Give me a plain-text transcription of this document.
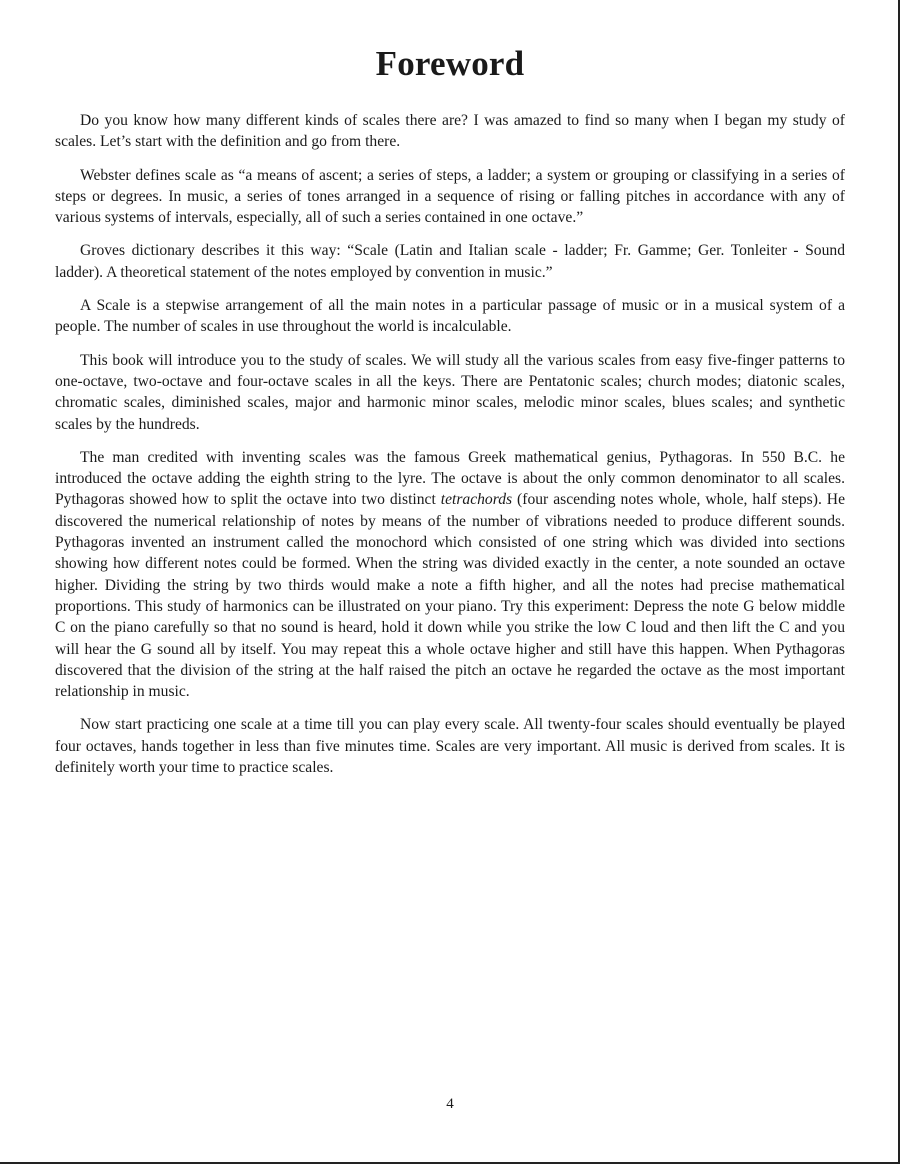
Foreword

Do you know how many different kinds of scales there are? I was amazed to find so many when I began my study of scales. Let’s start with the definition and go from there.

Webster defines scale as “a means of ascent; a series of steps, a ladder; a system or grouping or classifying in a series of steps or degrees. In music, a series of tones arranged in a sequence of rising or falling pitches in accordance with any of various systems of intervals, especially, all of such a series contained in one octave.”

Groves dictionary describes it this way: “Scale (Latin and Italian scale - ladder; Fr. Gamme; Ger. Tonleiter - Sound ladder). A theoretical statement of the notes employed by convention in music.”

A Scale is a stepwise arrangement of all the main notes in a particular passage of music or in a musical system of a people. The number of scales in use throughout the world is incalculable.

This book will introduce you to the study of scales. We will study all the various scales from easy five-finger patterns to one-octave, two-octave and four-octave scales in all the keys. There are Pentatonic scales; church modes; diatonic scales, chromatic scales, diminished scales, major and harmonic minor scales, melodic minor scales, blues scales; and synthetic scales by the hundreds.

The man credited with inventing scales was the famous Greek mathematical genius, Pythagoras. In 550 B.C. he introduced the octave adding the eighth string to the lyre. The octave is about the only common denominator to all scales. Pythagoras showed how to split the octave into two distinct tetrachords (four ascending notes whole, whole, half steps). He discovered the numerical relationship of notes by means of the number of vibrations needed to produce different sounds. Pythagoras invented an instrument called the monochord which consisted of one string which was divided into sections showing how different notes could be formed. When the string was divided exactly in the center, a note sounded an octave higher. Dividing the string by two thirds would make a note a fifth higher, and all the notes had precise mathematical proportions. This study of harmonics can be illustrated on your piano. Try this experiment: Depress the note G below middle C on the piano carefully so that no sound is heard, hold it down while you strike the low C loud and then lift the C and you will hear the G sound all by itself. You may repeat this a whole octave higher and still have this happen. When Pythagoras discovered that the division of the string at the half raised the pitch an octave he regarded the octave as the most important relationship in music.

Now start practicing one scale at a time till you can play every scale. All twenty-four scales should eventually be played four octaves, hands together in less than five minutes time. Scales are very important. All music is derived from scales. It is definitely worth your time to practice scales.

4
